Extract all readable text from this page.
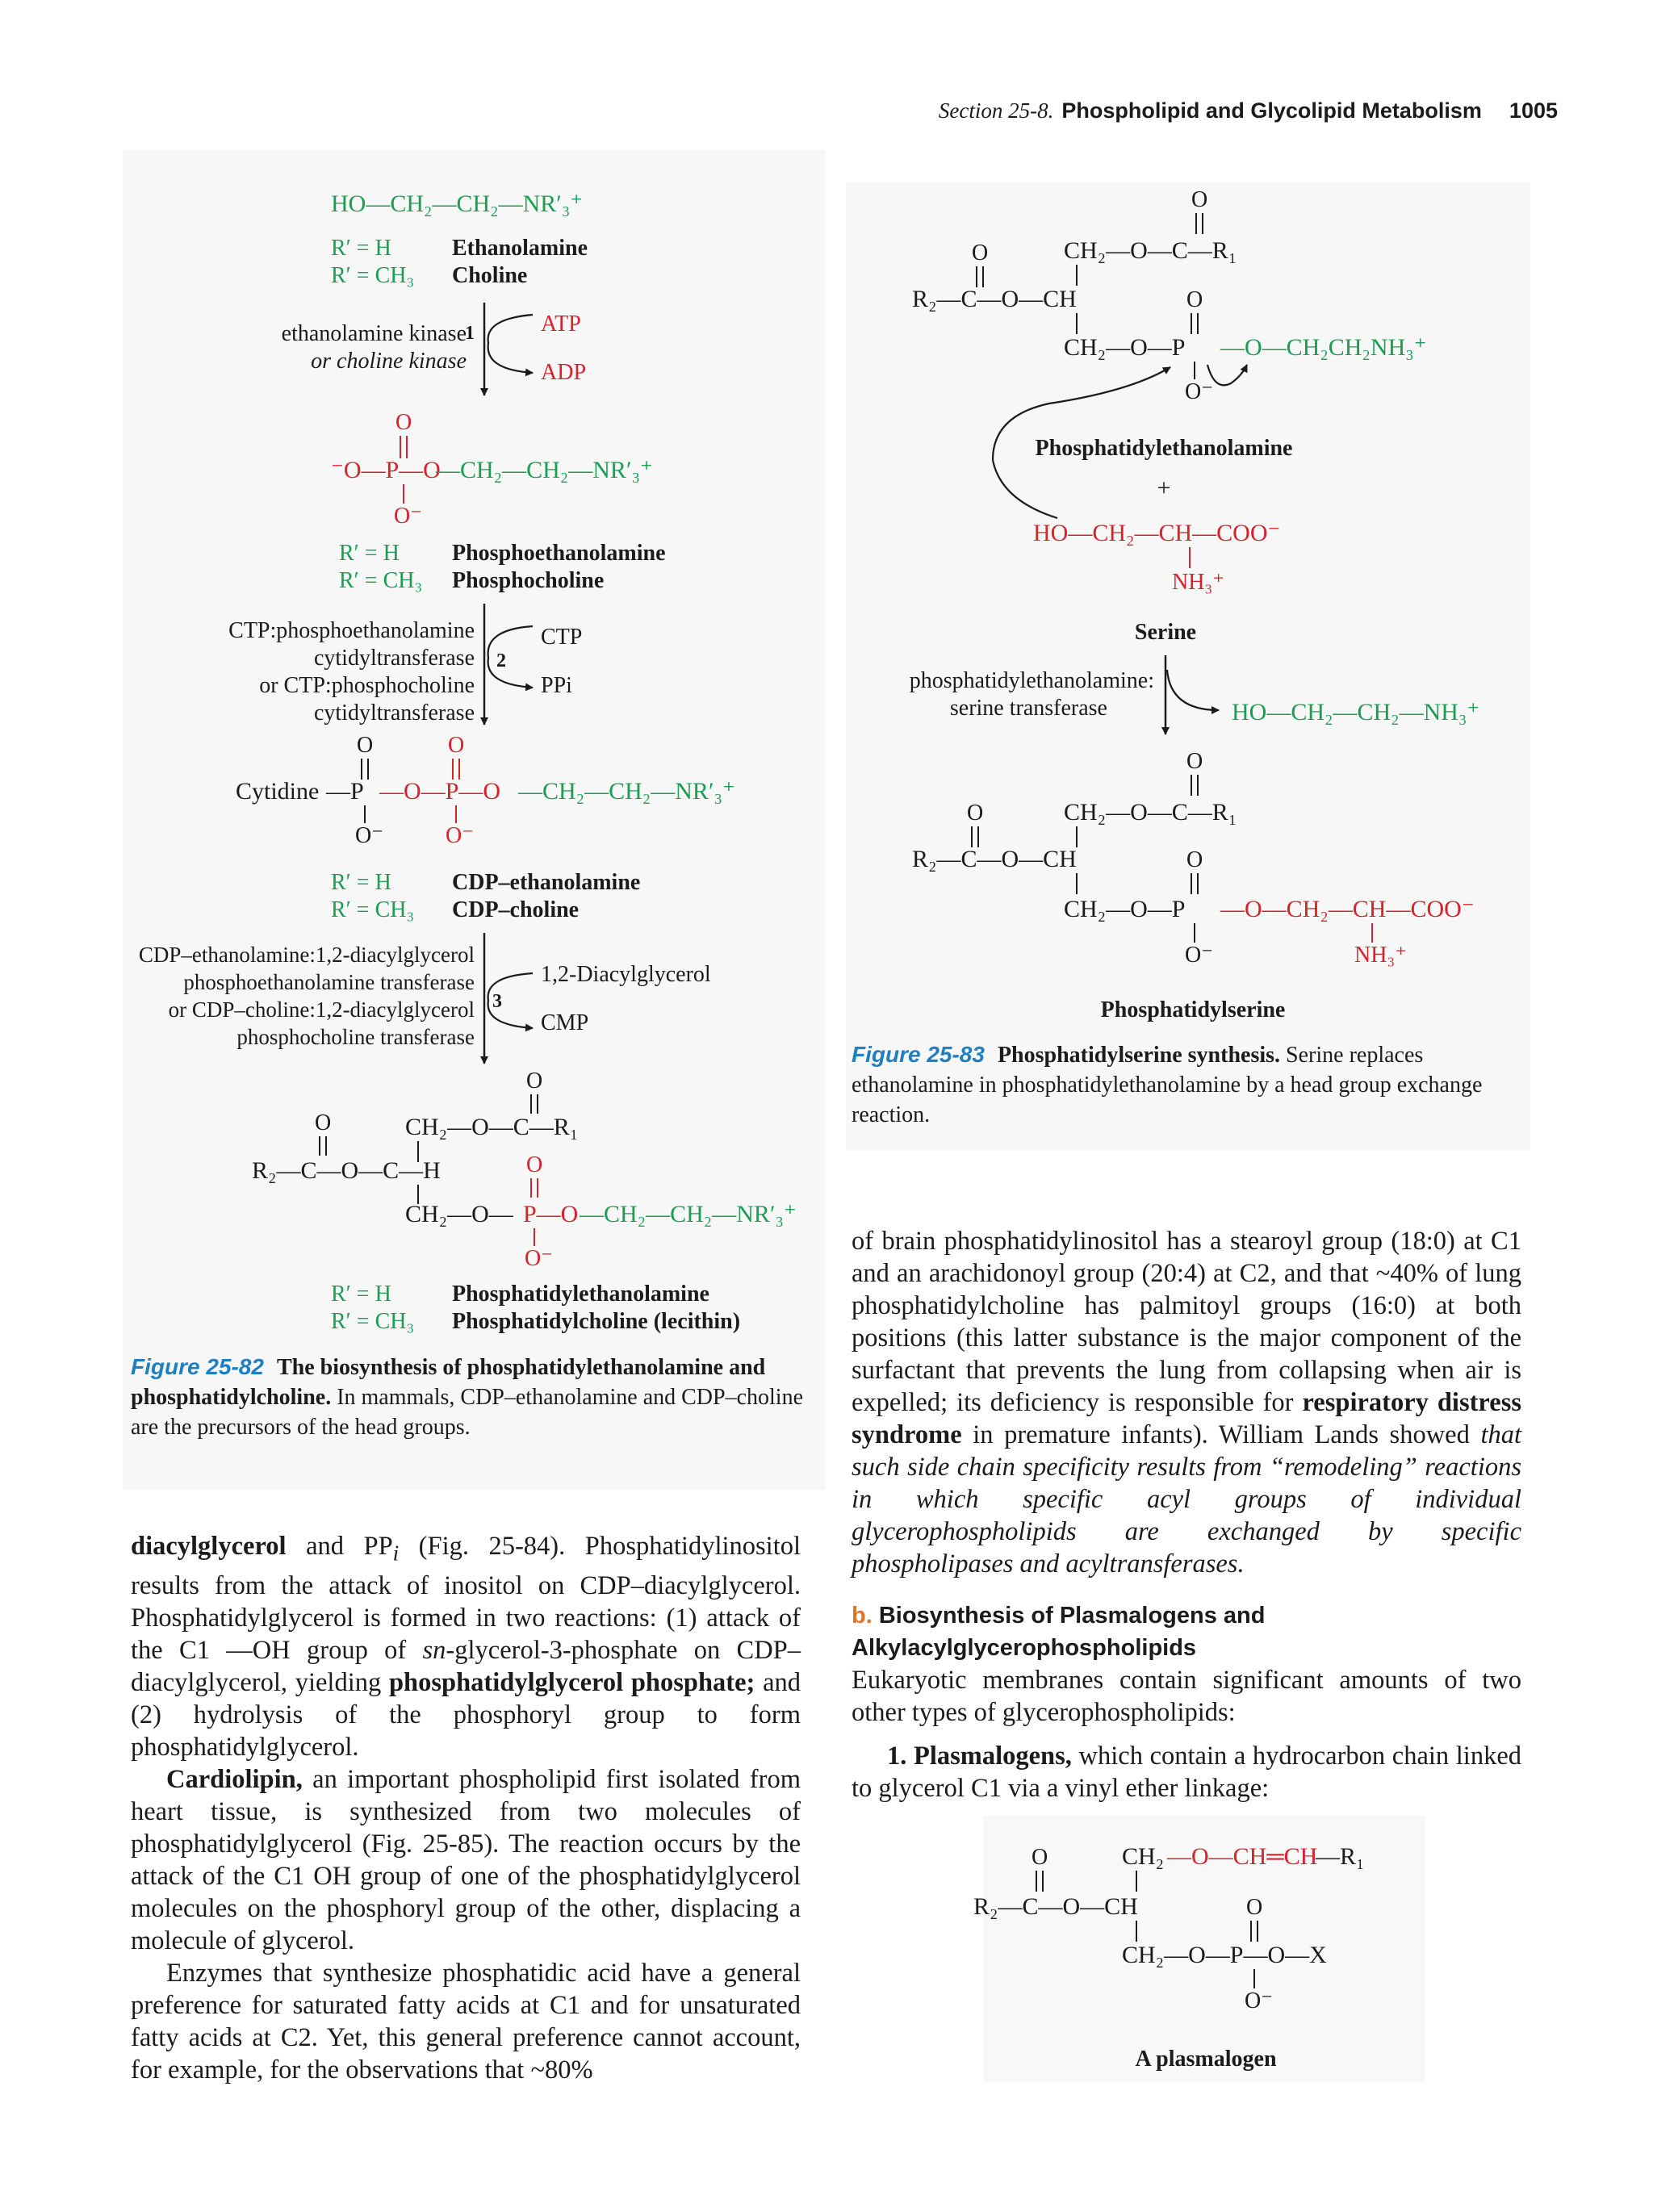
Section 25-8. Phospholipid and Glycolipid Metabolism 1005
HO—CH₂—CH₂—NR′₃⁺
R′ = H	Ethanolamine
R′ = CH₃ Choline
1
ethanolamine kinase
or choline kinase
ATP
ADP
O
⁻O—P—O
—CH₂—CH₂—NR′₃⁺
O⁻
R′ = H Phosphoethanolamine
R′ = CH₃ Phosphocholine
2
CTP:phosphoethanolamine
cytidyltransferase
or CTP:phosphocholine
cytidyltransferase
CTP
PPi
O	O
Cytidine —P —O—P—O —CH₂—CH₂—NR′₃⁺
O⁻	O⁻
R′ = H	CDP–ethanolamine
R′ = CH₃ CDP–choline
3
CDP–ethanolamine:1,2-diacylglycerol
phosphoethanolamine transferase
or CDP–choline:1,2-diacylglycerol
phosphocholine transferase
1,2-Diacylglycerol
CMP
O
O	CH₂—O—C—R₁
R₂—C—O—C—H	O
CH₂—O— P—O —CH₂—CH₂—NR′₃⁺
O⁻
R′ = H	Phosphatidylethanolamine
R′ = CH₃ Phosphatidylcholine (lecithin)
Figure 25-82 The biosynthesis of phosphatidylethanolamine and phosphatidylcholine. In mammals, CDP–ethanolamine and CDP–choline are the precursors of the head groups.
O
O	CH₂—O—C—R₁
R₂—C—O—CH	O
CH₂—O—P —O—CH₂CH₂NH₃⁺
O⁻
Phosphatidylethanolamine
+
HO—CH₂—CH—COO⁻
NH₃⁺
Serine
phosphatidylethanolamine:
serine transferase	HO—CH₂—CH₂—NH₃⁺
O
O	CH₂—O—C—R₁
R₂—C—O—CH	O
CH₂—O—P —O—CH₂—CH—COO⁻
O⁻	NH₃⁺
Phosphatidylserine
O	CH₂ —O—CH═CH
—R₁
R₂—C—O—CH	O
CH₂—O—P—O—X
O⁻
A plasmalogen
Figure 25-83 Phosphatidylserine synthesis. Serine replaces ethanolamine in phosphatidylethanolamine by a head group exchange reaction.

diacylglycerol and $PP_i$ (Fig. 25-84). Phosphatidylinositol results from the attack of inositol on CDP–diacylglycerol. Phosphatidylglycerol is formed in two reactions: (1) attack of the C1 —OH group of sn-glycerol-3-phosphate on CDP–diacylglycerol, yielding phosphatidylglycerol phosphate; and (2) hydrolysis of the phosphoryl group to form phosphatidylglycerol.

Cardiolipin, an important phospholipid first isolated from heart tissue, is synthesized from two molecules of phosphatidylglycerol (Fig. 25-85). The reaction occurs by the attack of the C1 OH group of one of the phosphatidylglycerol molecules on the phosphoryl group of the other, displacing a molecule of glycerol.

Enzymes that synthesize phosphatidic acid have a general preference for saturated fatty acids at C1 and for unsaturated fatty acids at C2. Yet, this general preference cannot account, for example, for the observations that ~80%

of brain phosphatidylinositol has a stearoyl group (18:0) at C1 and an arachidonoyl group (20:4) at C2, and that ~40% of lung phosphatidylcholine has palmitoyl groups (16:0) at both positions (this latter substance is the major component of the surfactant that prevents the lung from collapsing when air is expelled; its deficiency is responsible for respiratory distress syndrome in premature infants). William Lands showed that such side chain specificity results from “remodeling” reactions in which specific acyl groups of individual glycerophospholipids are exchanged by specific phospholipases and acyltransferases.

b. Biosynthesis of Plasmalogens and
Alkylacylglycerophospholipids

Eukaryotic membranes contain significant amounts of two other types of glycerophospholipids:

1. Plasmalogens, which contain a hydrocarbon chain linked to glycerol C1 via a vinyl ether linkage:
